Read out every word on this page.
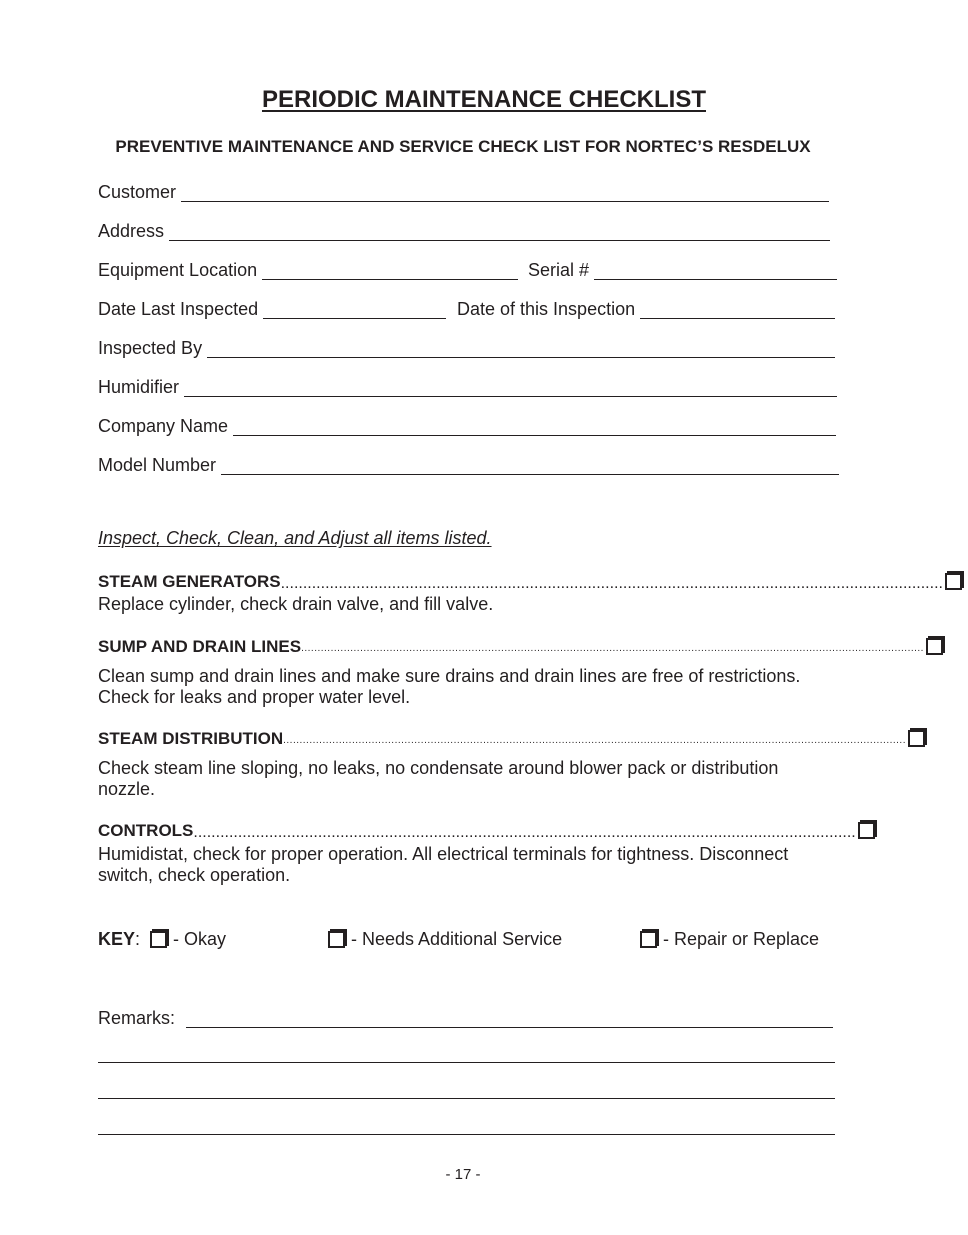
PERIODIC MAINTENANCE CHECKLIST
PREVENTIVE MAINTENANCE AND SERVICE CHECK LIST FOR NORTEC’S RESDELUX
Customer
Address
Equipment Location	Serial #
Date Last Inspected	Date of this Inspection
Inspected By
Humidifier
Company Name
Model Number
Inspect, Check, Clean, and Adjust all items listed.
STEAM GENERATORS .....................................................................................................................................................
Replace cylinder, check drain valve, and fill valve.
SUMP AND DRAIN LINES ..............................................................................................................................................................................................
Clean sump and drain lines and make sure drains and drain lines are free of restrictions. Check for leaks and proper water level.
STEAM DISTRIBUTION ..............................................................................................................................................................................................
Check steam line sloping, no leaks, no condensate around blower pack or distribution nozzle.
CONTROLS .....................................................................................................................................................
Humidistat, check for proper operation. All electrical terminals for tightness. Disconnect switch, check operation.
KEY : - Okay	- Needs Additional Service	- Repair or Replace
Remarks:
- 17 -
